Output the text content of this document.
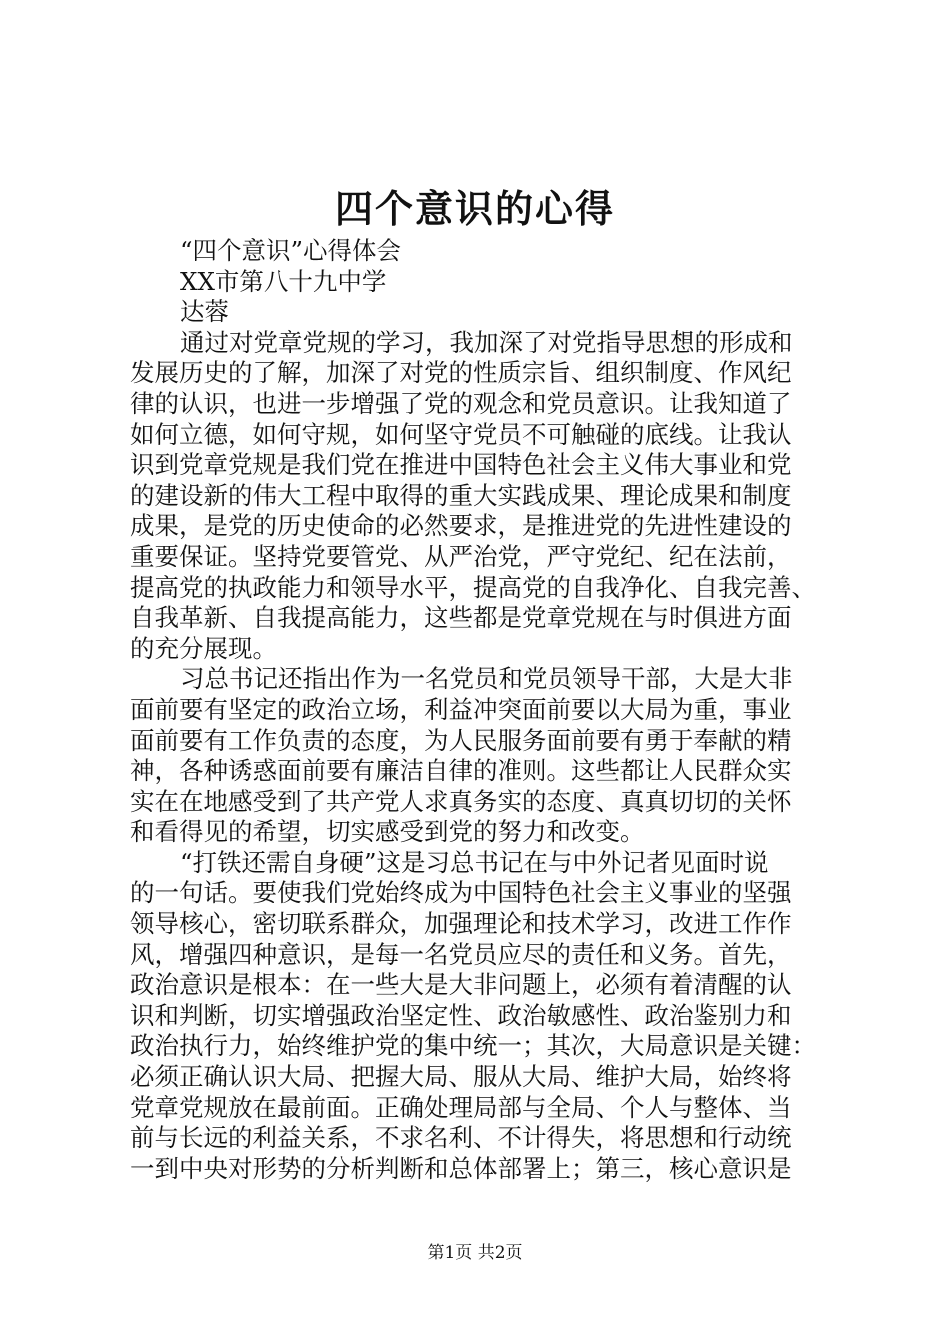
四个意识的心得

“四个意识”心得体会

XX市第八十九中学

达蓉

通过对党章党规的学习，我加深了对党指导思想的形成和

发展历史的了解，加深了对党的性质宗旨、组织制度、作风纪

律的认识，也进一步增强了党的观念和党员意识。让我知道了

如何立德，如何守规，如何坚守党员不可触碰的底线。让我认

识到党章党规是我们党在推进中国特色社会主义伟大事业和党

的建设新的伟大工程中取得的重大实践成果、理论成果和制度

成果，是党的历史使命的必然要求，是推进党的先进性建设的

重要保证。坚持党要管党、从严治党，严守党纪、纪在法前，

提高党的执政能力和领导水平，提高党的自我净化、自我完善、

自我革新、自我提高能力，这些都是党章党规在与时俱进方面

的充分展现。

习总书记还指出作为一名党员和党员领导干部，大是大非

面前要有坚定的政治立场，利益冲突面前要以大局为重，事业

面前要有工作负责的态度，为人民服务面前要有勇于奉献的精

神，各种诱惑面前要有廉洁自律的准则。这些都让人民群众实

实在在地感受到了共产党人求真务实的态度、真真切切的关怀

和看得见的希望，切实感受到党的努力和改变。

“打铁还需自身硬”这是习总书记在与中外记者见面时说

的一句话。要使我们党始终成为中国特色社会主义事业的坚强

领导核心，密切联系群众，加强理论和技术学习，改进工作作

风，增强四种意识，是每一名党员应尽的责任和义务。首先，

政治意识是根本：在一些大是大非问题上，必须有着清醒的认

识和判断，切实增强政治坚定性、政治敏感性、政治鉴别力和

政治执行力，始终维护党的集中统一；其次，大局意识是关键：

必须正确认识大局、把握大局、服从大局、维护大局，始终将

党章党规放在最前面。正确处理局部与全局、个人与整体、当

前与长远的利益关系，不求名利、不计得失，将思想和行动统

一到中央对形势的分析判断和总体部署上；第三，核心意识是

第1页 共2页
